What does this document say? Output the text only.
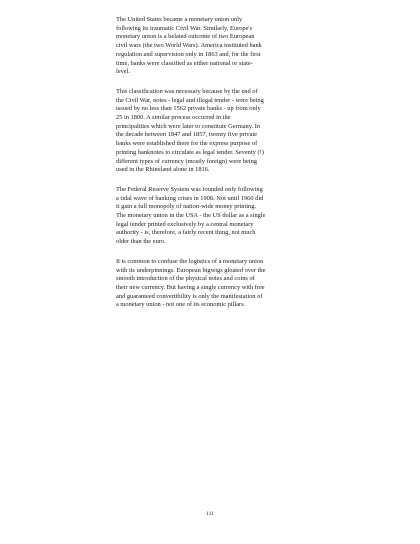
The United States became a monetary union only
following its traumatic Civil War. Similarly, Europe's
monetary union is a belated outcome of two European
civil wars (the two World Wars). America instituted bank
regulation and supervision only in 1863 and, for the first
time, banks were classified as either national or state-
level.

This classification was necessary because by the end of
the Civil War, notes - legal and illegal tender - were being
issued by no less than 1562 private banks - up from only
25 in 1800. A similar process occurred in the
principalities which were later to constitute Germany. In
the decade between 1847 and 1857, twenty five private
banks were established there for the express purpose of
printing banknotes to circulate as legal tender. Seventy (!)
different types of currency (mostly foreign) were being
used in the Rhineland alone in 1816.

The Federal Reserve System was founded only following
a tidal wave of banking crises in 1908. Not until 1960 did
it gain a full monopoly of nation-wide money printing.
The monetary union in the USA - the US dollar as a single
legal tender printed exclusively by a central monetary
authority - is, therefore, a fairly recent thing, not much
older than the euro.

It is common to confuse the logistics of a monetary union
with its underpinnings. European bigwigs gloated over the
smooth introduction of the physical notes and coins of
their new currency. But having a single currency with free
and guaranteed convertibility is only the manifestation of
a monetary union - not one of its economic pillars.

111
